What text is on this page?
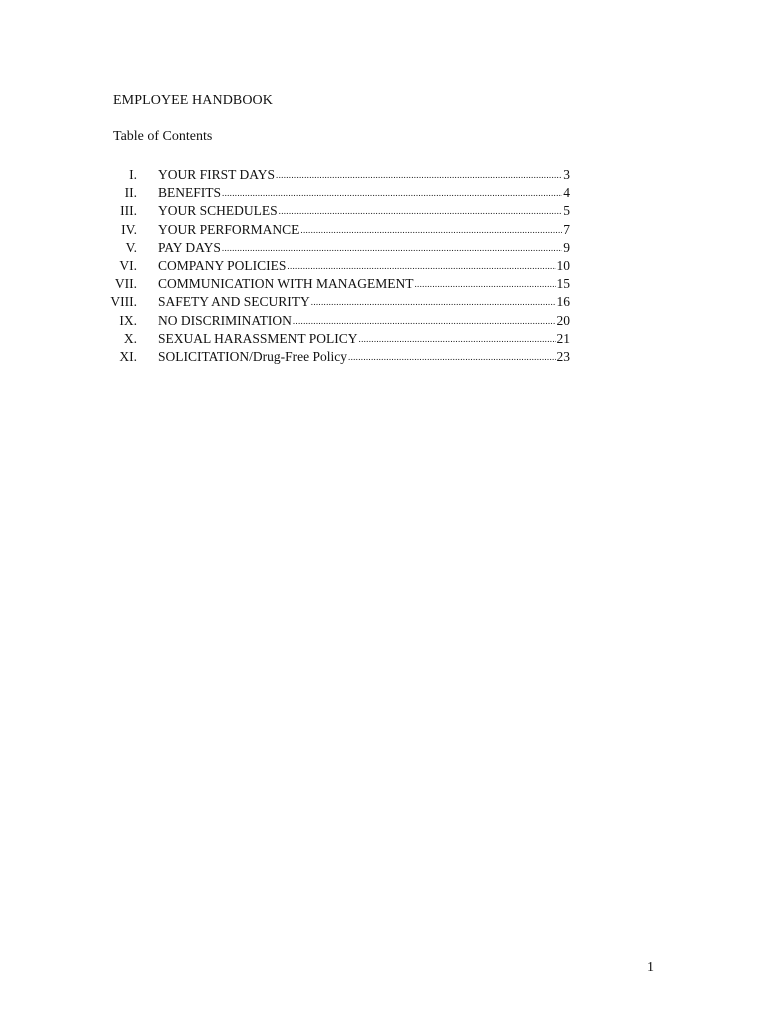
EMPLOYEE HANDBOOK
Table of Contents
I. YOUR FIRST DAYS .....	3
II. BENEFITS .....	4
III. YOUR SCHEDULES .....	5
IV. YOUR PERFORMANCE .....	7
V. PAY DAYS .....	9
VI. COMPANY POLICIES .....	10
VII. COMMUNICATION WITH MANAGEMENT .....	15
VIII. SAFETY AND SECURITY .....	16
IX. NO DISCRIMINATION .....	20
X. SEXUAL HARASSMENT POLICY .....	21
XI. SOLICITATION/Drug-Free Policy .....	23
1
